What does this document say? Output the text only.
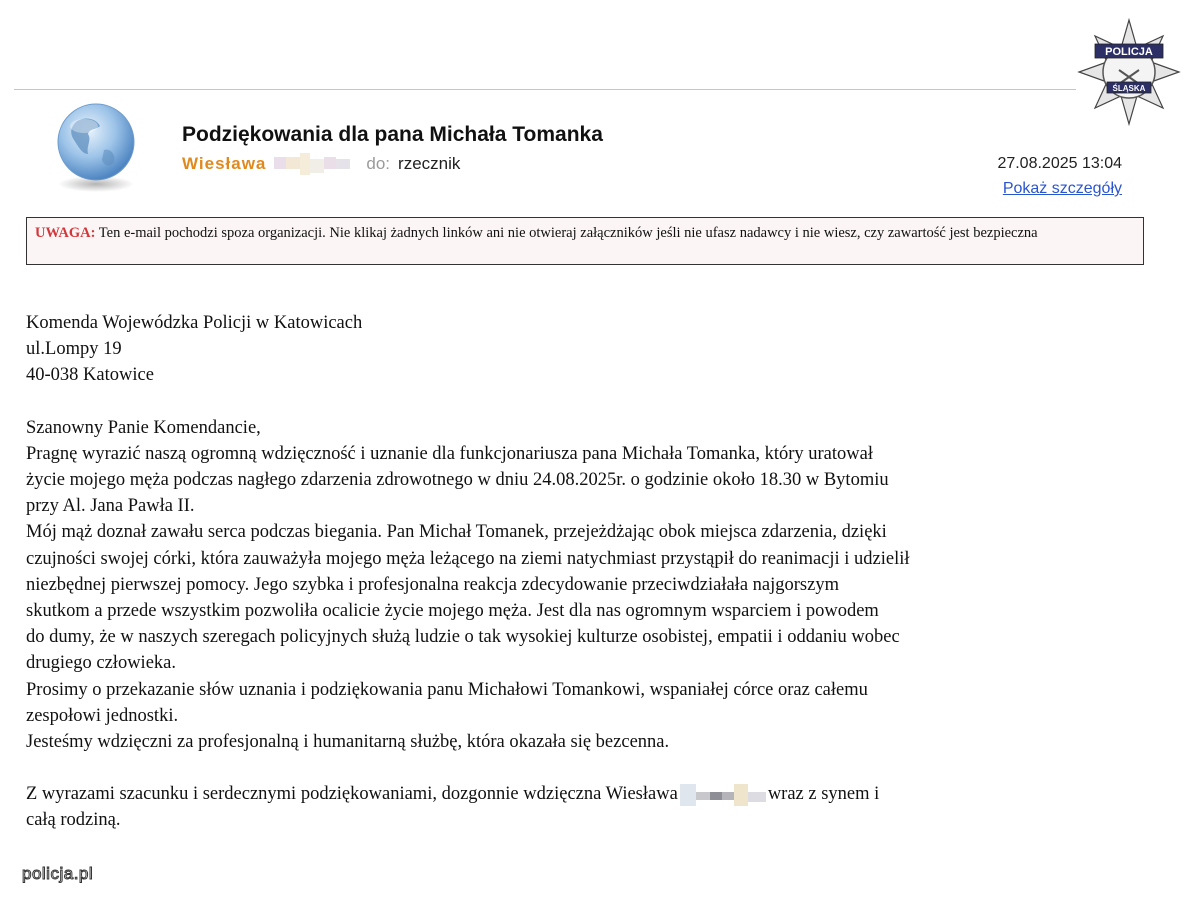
POLICJA
ŚLĄSKA
Podziękowania dla pana Michała Tomanka
Wiesława	do: rzecznik	27.08.2025 13:04
Pokaż szczegóły
UWAGA: Ten e-mail pochodzi spoza organizacji. Nie klikaj żadnych linków ani nie otwieraj załączników jeśli nie ufasz nadawcy i nie wiesz, czy zawartość jest bezpieczna

Komenda Wojewódzka Policji w Katowicach

ul.Lompy 19

40-038 Katowice

Szanowny Panie Komendancie,

Pragnę wyrazić naszą ogromną wdzięczność i uznanie dla funkcjonariusza pana Michała Tomanka, który uratował

życie mojego męża podczas nagłego zdarzenia zdrowotnego w dniu 24.08.2025r. o godzinie około 18.30 w Bytomiu

przy Al. Jana Pawła II.

Mój mąż doznał zawału serca podczas biegania. Pan Michał Tomanek, przejeżdżając obok miejsca zdarzenia, dzięki

czujności swojej córki, która zauważyła mojego męża leżącego na ziemi natychmiast przystąpił do reanimacji i udzielił

niezbędnej pierwszej pomocy. Jego szybka i profesjonalna reakcja zdecydowanie przeciwdziałała najgorszym

skutkom a przede wszystkim pozwoliła ocalicie życie mojego męża. Jest dla nas ogromnym wsparciem i powodem

do dumy, że w naszych szeregach policyjnych służą ludzie o tak wysokiej kulturze osobistej, empatii i oddaniu wobec

drugiego człowieka.

Prosimy o przekazanie słów uznania i podziękowania panu Michałowi Tomankowi, wspaniałej córce oraz całemu

zespołowi jednostki.

Jesteśmy wdzięczni za profesjonalną i humanitarną służbę, która okazała się bezcenna.

Z wyrazami szacunku i serdecznymi podziękowaniami, dozgonnie wdzięczna Wiesława	wraz z synem i

całą rodziną.

policja.pl
